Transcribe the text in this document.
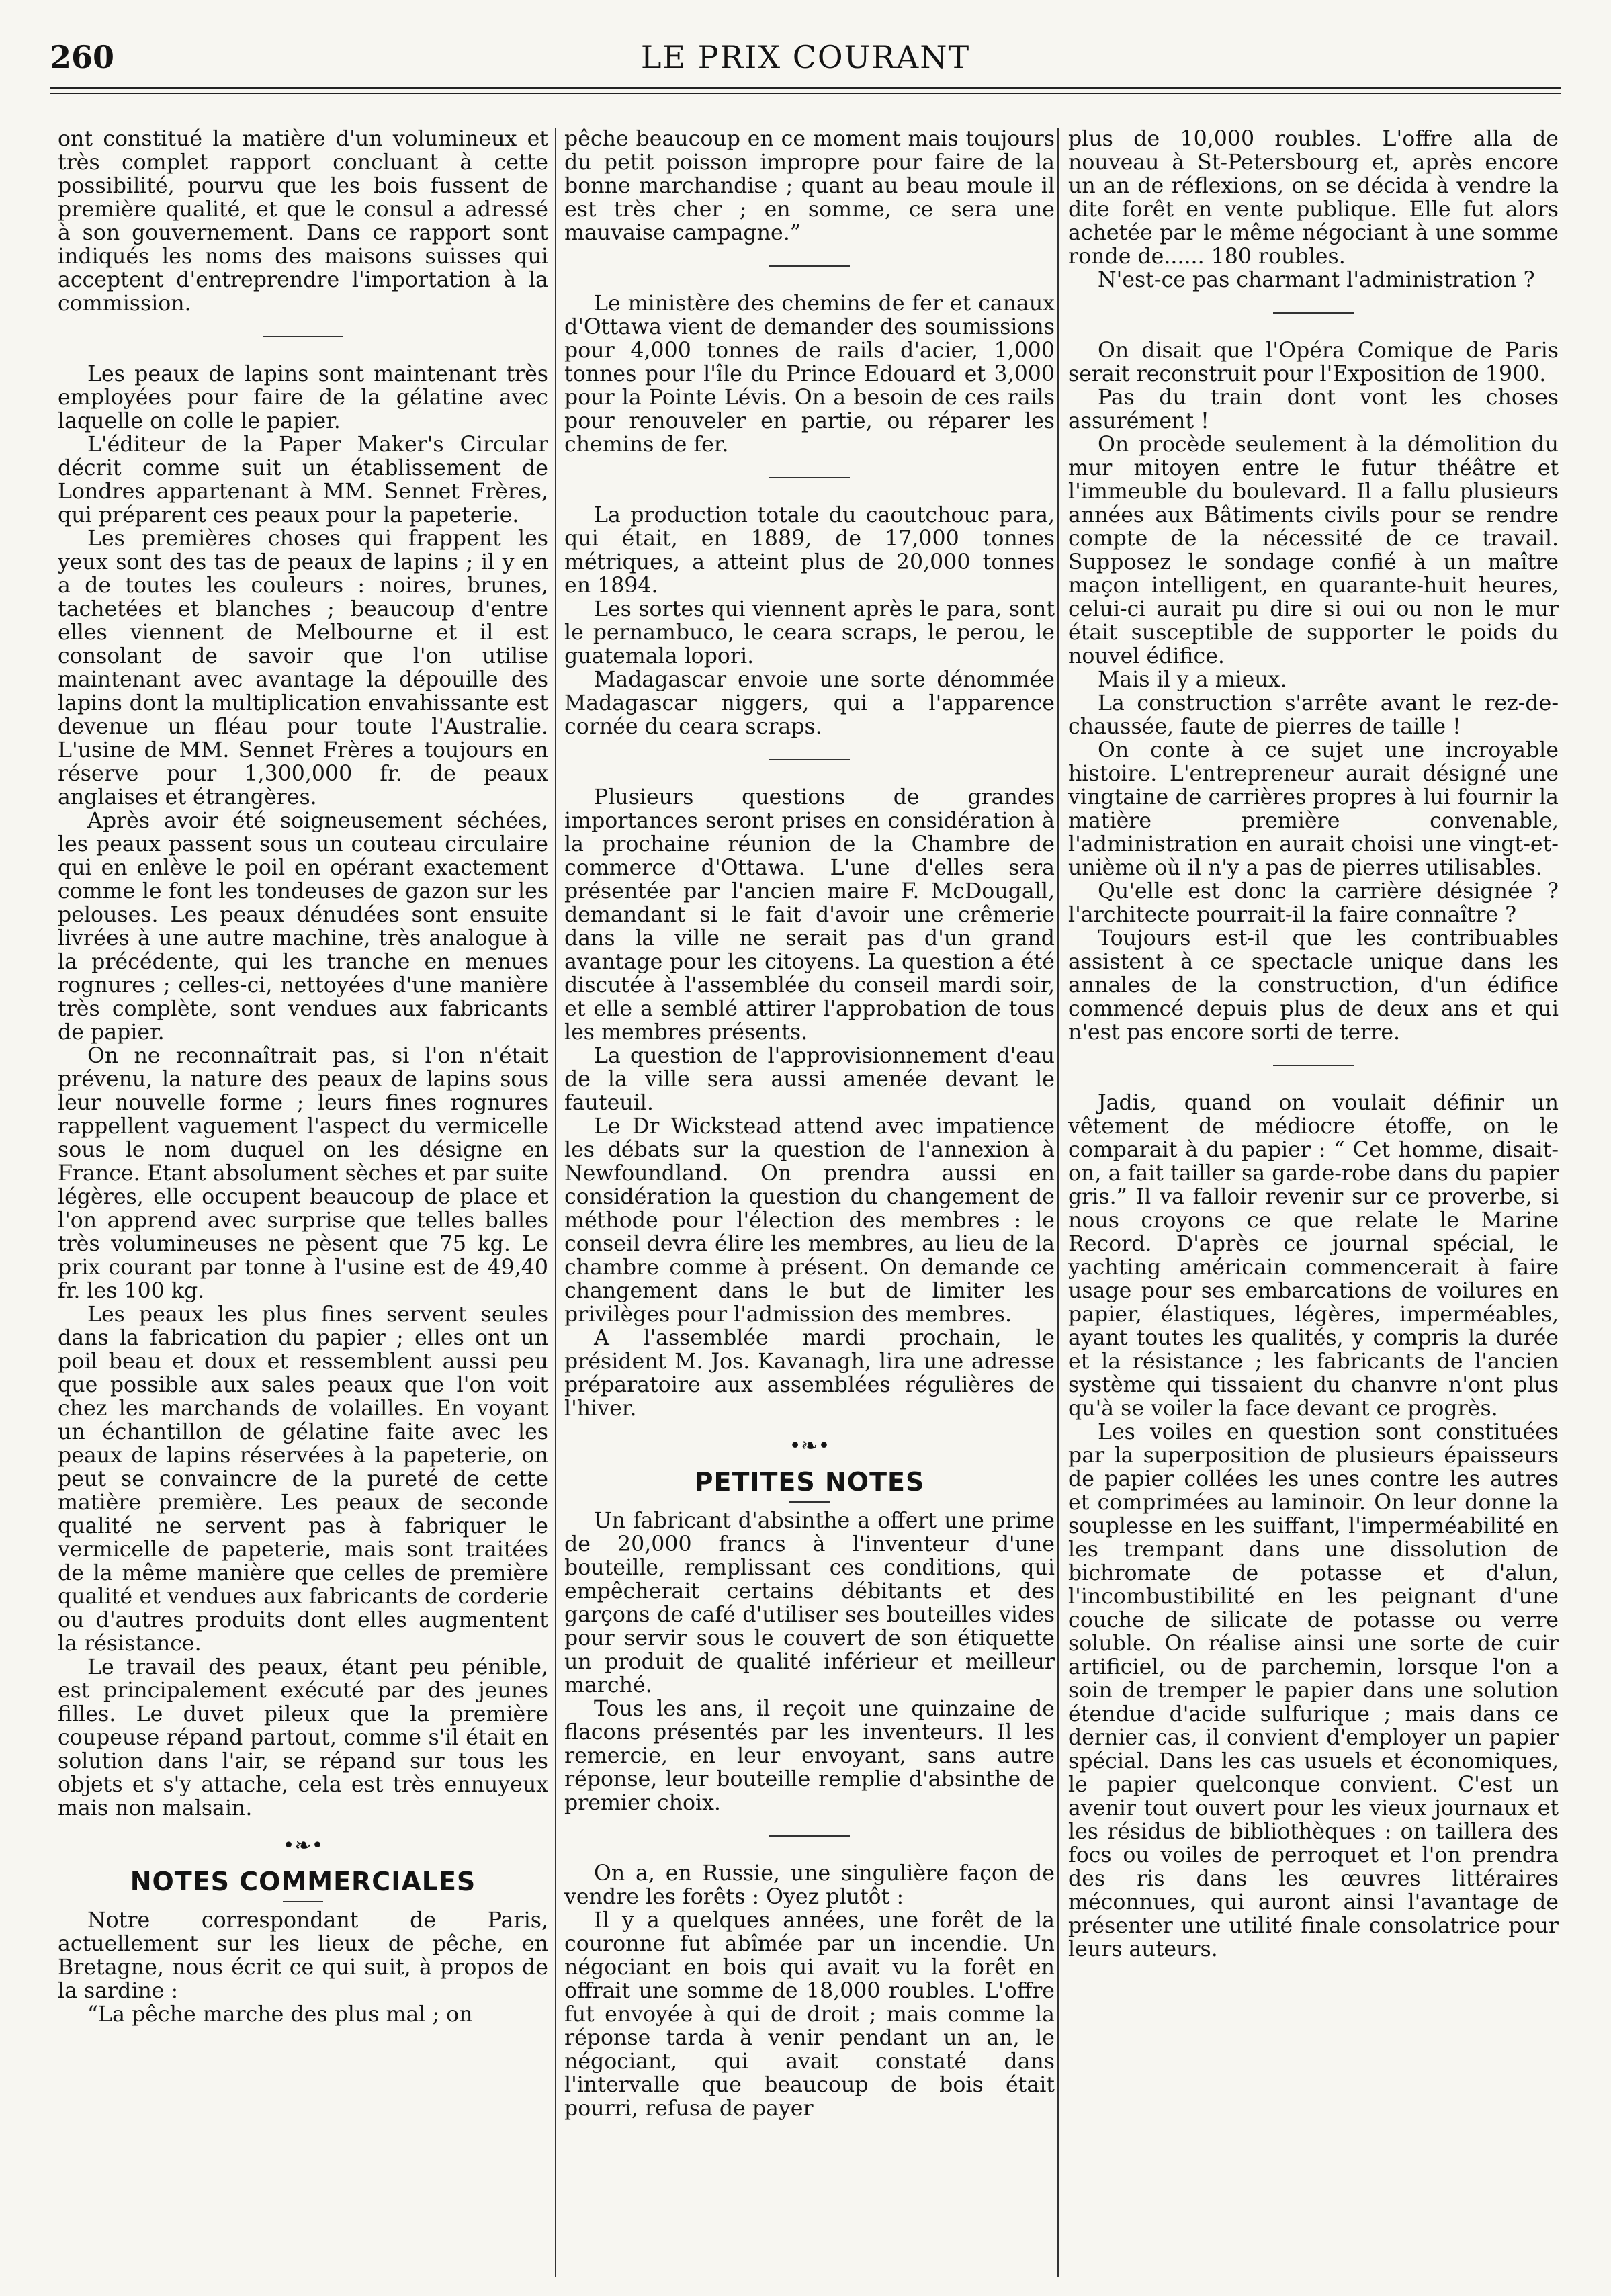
260	LE PRIX COURANT

ont constitué la matière d'un volumineux et très complet rapport concluant à cette possibilité, pourvu que les bois fussent de première qualité, et que le consul a adressé à son gouvernement. Dans ce rapport sont indiqués les noms des maisons suisses qui acceptent d'entreprendre l'importation à la commission.

Les peaux de lapins sont maintenant très employées pour faire de la gélatine avec laquelle on colle le papier.

L'éditeur de la Paper Maker's Circular décrit comme suit un établissement de Londres appartenant à MM. Sennet Frères, qui préparent ces peaux pour la papeterie.

Les premières choses qui frappent les yeux sont des tas de peaux de lapins ; il y en a de toutes les couleurs : noires, brunes, tachetées et blanches ; beaucoup d'entre elles viennent de Melbourne et il est consolant de savoir que l'on utilise maintenant avec avantage la dépouille des lapins dont la multiplication envahissante est devenue un fléau pour toute l'Australie. L'usine de MM. Sennet Frères a toujours en réserve pour 1,300,000 fr. de peaux anglaises et étrangères.

Après avoir été soigneusement séchées, les peaux passent sous un couteau circulaire qui en enlève le poil en opérant exactement comme le font les tondeuses de gazon sur les pelouses. Les peaux dénudées sont ensuite livrées à une autre machine, très analogue à la précédente, qui les tranche en menues rognures ; celles-ci, nettoyées d'une manière très complète, sont vendues aux fabricants de papier.

On ne reconnaîtrait pas, si l'on n'était prévenu, la nature des peaux de lapins sous leur nouvelle forme ; leurs fines rognures rappellent vaguement l'aspect du vermicelle sous le nom duquel on les désigne en France. Etant absolument sèches et par suite légères, elle occupent beaucoup de place et l'on apprend avec surprise que telles balles très volumineuses ne pèsent que 75 kg. Le prix courant par tonne à l'usine est de 49,40 fr. les 100 kg.

Les peaux les plus fines servent seules dans la fabrication du papier ; elles ont un poil beau et doux et ressemblent aussi peu que possible aux sales peaux que l'on voit chez les marchands de volailles. En voyant un échantillon de gélatine faite avec les peaux de lapins réservées à la papeterie, on peut se convaincre de la pureté de cette matière première. Les peaux de seconde qualité ne servent pas à fabriquer le vermicelle de papeterie, mais sont traitées de la même manière que celles de première qualité et vendues aux fabricants de corderie ou d'autres produits dont elles augmentent la résistance.

Le travail des peaux, étant peu pénible, est principalement exécuté par des jeunes filles. Le duvet pileux que la première coupeuse répand partout, comme s'il était en solution dans l'air, se répand sur tous les objets et s'y attache, cela est très ennuyeux mais non malsain.

•❧•
NOTES COMMERCIALES

Notre correspondant de Paris, actuellement sur les lieux de pêche, en Bretagne, nous écrit ce qui suit, à propos de la sardine :

“La pêche marche des plus mal ; on

pêche beaucoup en ce moment mais toujours du petit poisson impropre pour faire de la bonne marchandise ; quant au beau moule il est très cher ; en somme, ce sera une mauvaise campagne.”

Le ministère des chemins de fer et canaux d'Ottawa vient de demander des soumissions pour 4,000 tonnes de rails d'acier, 1,000 tonnes pour l'île du Prince Edouard et 3,000 pour la Pointe Lévis. On a besoin de ces rails pour renouveler en partie, ou réparer les chemins de fer.

La production totale du caoutchouc para, qui était, en 1889, de 17,000 tonnes métriques, a atteint plus de 20,000 tonnes en 1894.

Les sortes qui viennent après le para, sont le pernambuco, le ceara scraps, le perou, le guatemala lopori.

Madagascar envoie une sorte dénommée Madagascar niggers, qui a l'apparence cornée du ceara scraps.

Plusieurs questions de grandes importances seront prises en considération à la prochaine réunion de la Chambre de commerce d'Ottawa. L'une d'elles sera présentée par l'ancien maire F. McDougall, demandant si le fait d'avoir une crêmerie dans la ville ne serait pas d'un grand avantage pour les citoyens. La question a été discutée à l'assemblée du conseil mardi soir, et elle a semblé attirer l'approbation de tous les membres présents.

La question de l'approvisionnement d'eau de la ville sera aussi amenée devant le fauteuil.

Le Dr Wickstead attend avec impatience les débats sur la question de l'annexion à Newfoundland. On prendra aussi en considération la question du changement de méthode pour l'élection des membres : le conseil devra élire les membres, au lieu de la chambre comme à présent. On demande ce changement dans le but de limiter les privilèges pour l'admission des membres.

A l'assemblée mardi prochain, le président M. Jos. Kavanagh, lira une adresse préparatoire aux assemblées régulières de l'hiver.

•❧•
PETITES NOTES

Un fabricant d'absinthe a offert une prime de 20,000 francs à l'inventeur d'une bouteille, remplissant ces conditions, qui empêcherait certains débitants et des garçons de café d'utiliser ses bouteilles vides pour servir sous le couvert de son étiquette un produit de qualité inférieur et meilleur marché.

Tous les ans, il reçoit une quinzaine de flacons présentés par les inventeurs. Il les remercie, en leur envoyant, sans autre réponse, leur bouteille remplie d'absinthe de premier choix.

On a, en Russie, une singulière façon de vendre les forêts : Oyez plutôt :

Il y a quelques années, une forêt de la couronne fut abîmée par un incendie. Un négociant en bois qui avait vu la forêt en offrait une somme de 18,000 roubles. L'offre fut envoyée à qui de droit ; mais comme la réponse tarda à venir pendant un an, le négociant, qui avait constaté dans l'intervalle que beaucoup de bois était pourri, refusa de payer

plus de 10,000 roubles. L'offre alla de nouveau à St-Petersbourg et, après encore un an de réflexions, on se décida à vendre la dite forêt en vente publique. Elle fut alors achetée par le même négociant à une somme ronde de...... 180 roubles.

N'est-ce pas charmant l'administration ?

On disait que l'Opéra Comique de Paris serait reconstruit pour l'Exposition de 1900.

Pas du train dont vont les choses assurément !

On procède seulement à la démolition du mur mitoyen entre le futur théâtre et l'immeuble du boulevard. Il a fallu plusieurs années aux Bâtiments civils pour se rendre compte de la nécessité de ce travail. Supposez le sondage confié à un maître maçon intelligent, en quarante-huit heures, celui-ci aurait pu dire si oui ou non le mur était susceptible de supporter le poids du nouvel édifice.

Mais il y a mieux.

La construction s'arrête avant le rez-de-chaussée, faute de pierres de taille !

On conte à ce sujet une incroyable histoire. L'entrepreneur aurait désigné une vingtaine de carrières propres à lui fournir la matière première convenable, l'administration en aurait choisi une vingt-et-unième où il n'y a pas de pierres utilisables.

Qu'elle est donc la carrière désignée ? l'architecte pourrait-il la faire connaître ?

Toujours est-il que les contribuables assistent à ce spectacle unique dans les annales de la construction, d'un édifice commencé depuis plus de deux ans et qui n'est pas encore sorti de terre.

Jadis, quand on voulait définir un vêtement de médiocre étoffe, on le comparait à du papier : “ Cet homme, disait-on, a fait tailler sa garde-robe dans du papier gris.” Il va falloir revenir sur ce proverbe, si nous croyons ce que relate le Marine Record. D'après ce journal spécial, le yachting américain commencerait à faire usage pour ses embarcations de voilures en papier, élastiques, légères, imperméables, ayant toutes les qualités, y compris la durée et la résistance ; les fabricants de l'ancien système qui tissaient du chanvre n'ont plus qu'à se voiler la face devant ce progrès.

Les voiles en question sont constituées par la superposition de plusieurs épaisseurs de papier collées les unes contre les autres et comprimées au laminoir. On leur donne la souplesse en les suiffant, l'imperméabilité en les trempant dans une dissolution de bichromate de potasse et d'alun, l'incombustibilité en les peignant d'une couche de silicate de potasse ou verre soluble. On réalise ainsi une sorte de cuir artificiel, ou de parchemin, lorsque l'on a soin de tremper le papier dans une solution étendue d'acide sulfurique ; mais dans ce dernier cas, il convient d'employer un papier spécial. Dans les cas usuels et économiques, le papier quelconque convient. C'est un avenir tout ouvert pour les vieux journaux et les résidus de bibliothèques : on taillera des focs ou voiles de perroquet et l'on prendra des ris dans les œuvres littéraires méconnues, qui auront ainsi l'avantage de présenter une utilité finale consolatrice pour leurs auteurs.
